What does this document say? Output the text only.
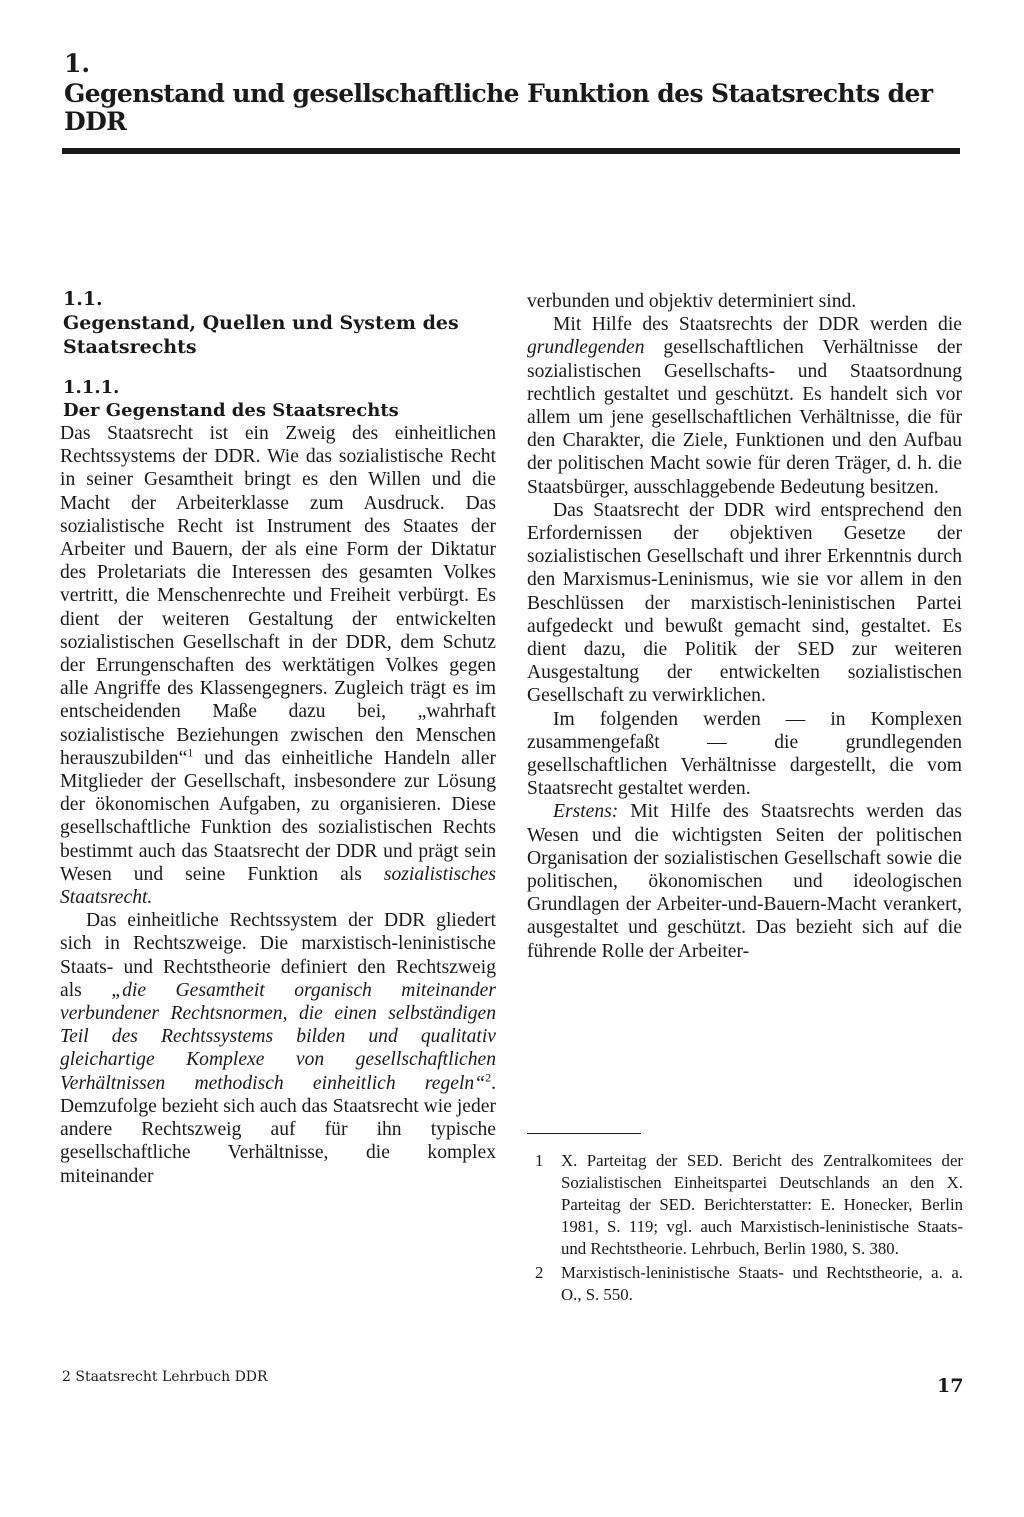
1.
Gegenstand und gesellschaftliche Funktion des Staatsrechts der DDR
1.1.
Gegenstand, Quellen und System des Staatsrechts
1.1.1.
Der Gegenstand des Staatsrechts

Das Staatsrecht ist ein Zweig des einheitlichen Rechtssystems der DDR. Wie das sozialistische Recht in seiner Gesamtheit bringt es den Willen und die Macht der Arbeiterklasse zum Ausdruck. Das sozialistische Recht ist Instrument des Staates der Arbeiter und Bauern, der als eine Form der Diktatur des Proletariats die Interessen des gesamten Volkes vertritt, die Menschenrechte und Freiheit verbürgt. Es dient der weiteren Gestaltung der entwickelten sozialistischen Gesellschaft in der DDR, dem Schutz der Errungenschaften des werktätigen Volkes gegen alle Angriffe des Klassengegners. Zugleich trägt es im entscheidenden Maße dazu bei, „wahrhaft sozialistische Beziehungen zwischen den Menschen herauszubilden“$^1$ und das einheitliche Handeln aller Mitglieder der Gesellschaft, insbesondere zur Lösung der ökonomischen Aufgaben, zu organisieren. Diese gesellschaftliche Funktion des sozialistischen Rechts bestimmt auch das Staatsrecht der DDR und prägt sein Wesen und seine Funktion als sozialistisches Staatsrecht.

Das einheitliche Rechtssystem der DDR gliedert sich in Rechtszweige. Die marxistisch-leninistische Staats- und Rechtstheorie definiert den Rechtszweig als „die Gesamtheit organisch miteinander verbundener Rechtsnormen, die einen selbständigen Teil des Rechtssystems bilden und qualitativ gleichartige Komplexe von gesellschaftlichen Verhältnissen methodisch einheitlich regeln“$^2$. Demzufolge bezieht sich auch das Staatsrecht wie jeder andere Rechtszweig auf für ihn typische gesellschaftliche Verhältnisse, die komplex miteinander

verbunden und objektiv determiniert sind.

Mit Hilfe des Staatsrechts der DDR werden die grundlegenden gesellschaftlichen Verhältnisse der sozialistischen Gesellschafts- und Staatsordnung rechtlich gestaltet und geschützt. Es handelt sich vor allem um jene gesellschaftlichen Verhältnisse, die für den Charakter, die Ziele, Funktionen und den Aufbau der politischen Macht sowie für deren Träger, d. h. die Staatsbürger, ausschlaggebende Bedeutung besitzen.

Das Staatsrecht der DDR wird entsprechend den Erfordernissen der objektiven Gesetze der sozialistischen Gesellschaft und ihrer Erkenntnis durch den Marxismus-Leninismus, wie sie vor allem in den Beschlüssen der marxistisch-leninistischen Partei aufgedeckt und bewußt gemacht sind, gestaltet. Es dient dazu, die Politik der SED zur weiteren Ausgestaltung der entwickelten sozialistischen Gesellschaft zu verwirklichen.

Im folgenden werden — in Komplexen zusammengefaßt — die grundlegenden gesellschaftlichen Verhältnisse dargestellt, die vom Staatsrecht gestaltet werden.

Erstens: Mit Hilfe des Staatsrechts werden das Wesen und die wichtigsten Seiten der politischen Organisation der sozialistischen Gesellschaft sowie die politischen, ökonomischen und ideologischen Grundlagen der Arbeiter-und-Bauern-Macht verankert, ausgestaltet und geschützt. Das bezieht sich auf die führende Rolle der Arbeiter-

1	X. Parteitag der SED. Bericht des Zentralkomitees der Sozialistischen Einheitspartei Deutschlands an den X. Parteitag der SED. Berichterstatter: E. Honecker, Berlin 1981, S. 119; vgl. auch Marxistisch-leninistische Staats- und Rechtstheorie. Lehrbuch, Berlin 1980, S. 380.
2	Marxistisch-leninistische Staats- und Rechtstheorie, a. a. O., S. 550.
2 Staatsrecht Lehrbuch DDR	17
